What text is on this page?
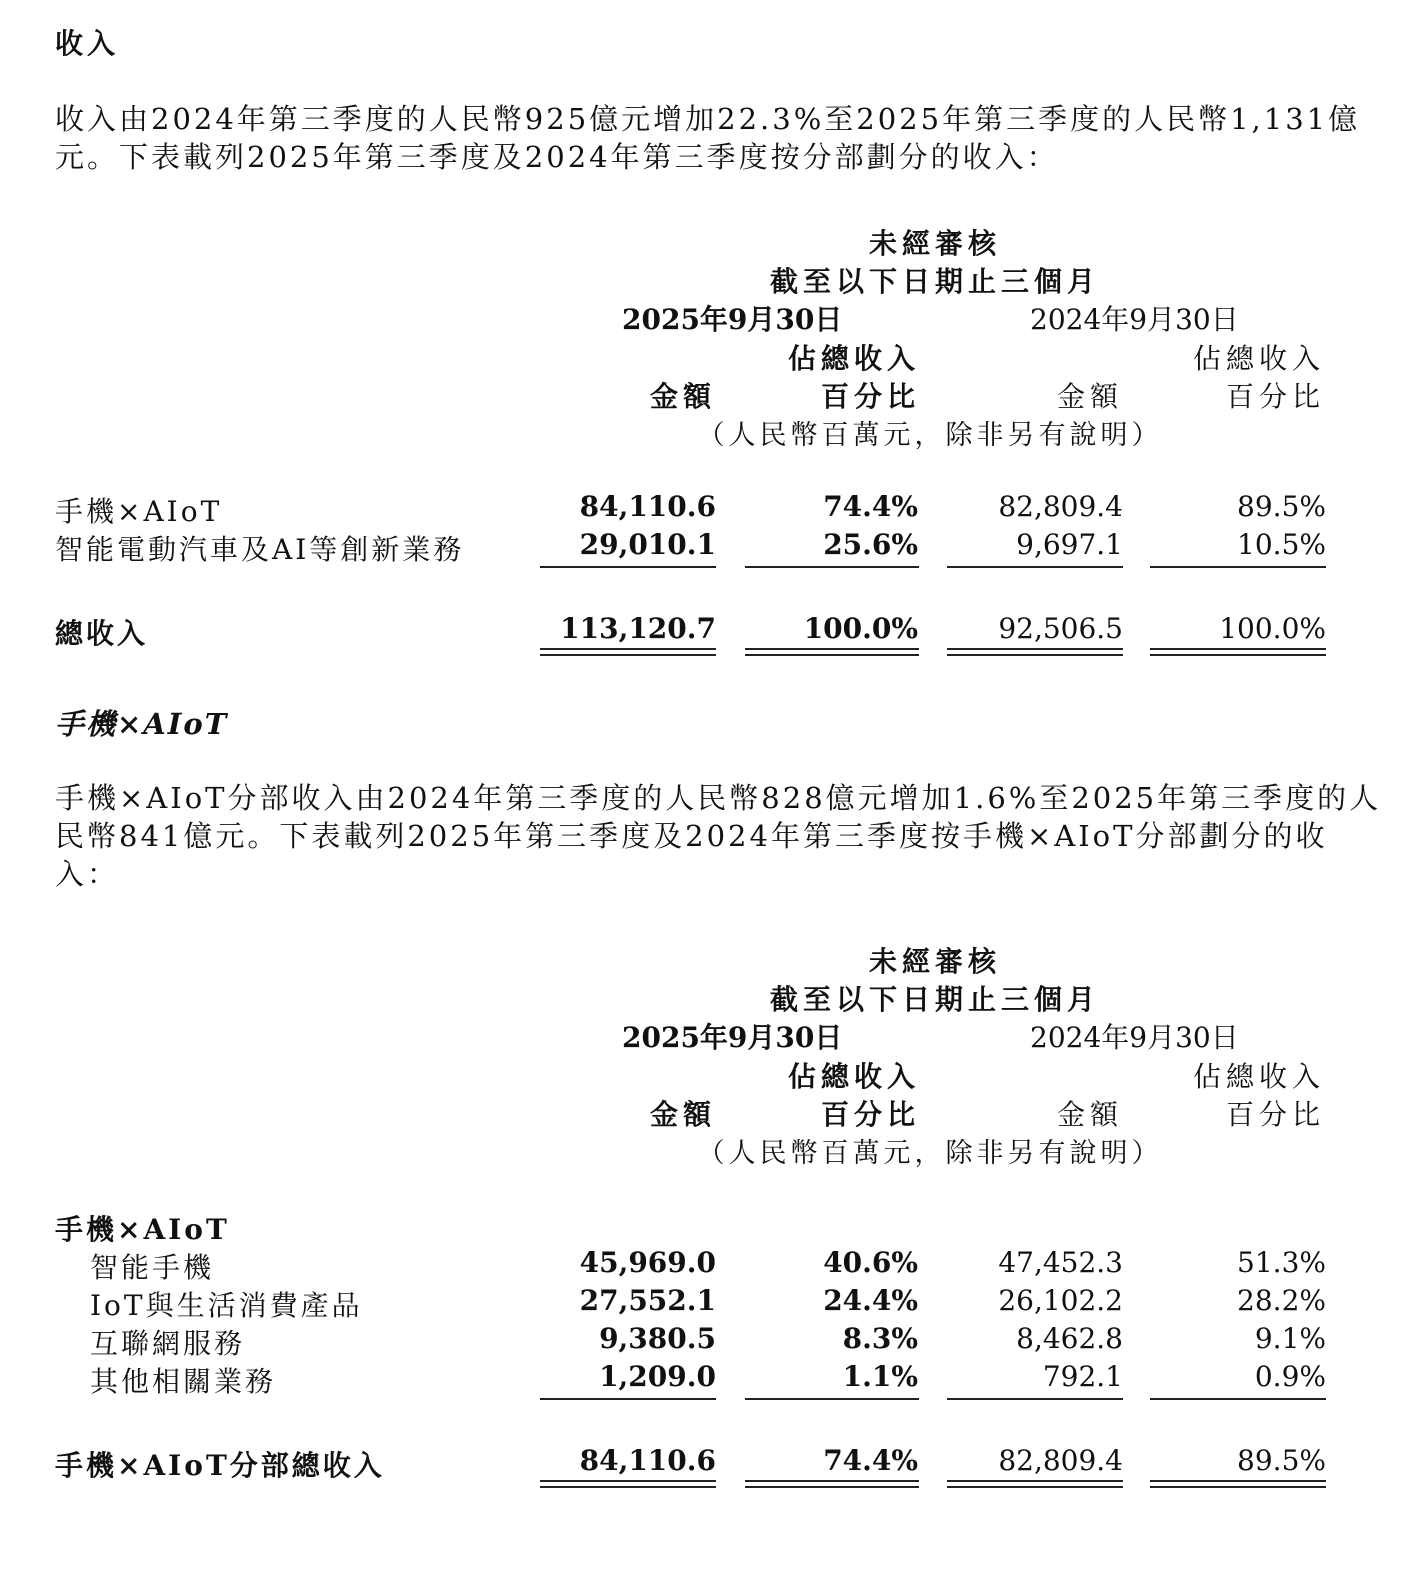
收入
收入由2024年第三季度的人民幣925億元增加22.3%至2025年第三季度的人民幣1,131億
元。下表載列2025年第三季度及2024年第三季度按分部劃分的收入：
未經審核
截至以下日期止三個月
2025年9月30日	2024年9月30日
佔總收入	佔總收入
金額	百分比	金額	百分比
（人民幣百萬元，除非另有說明）
手機×AIoT	84,110.6	74.4%	82,809.4	89.5%
智能電動汽車及AI等創新業務	29,010.1	25.6%	9,697.1	10.5%
總收入	113,120.7	100.0%	92,506.5	100.0%
手機×AIoT
手機×AIoT分部收入由2024年第三季度的人民幣828億元增加1.6%至2025年第三季度的人
民幣841億元。下表載列2025年第三季度及2024年第三季度按手機×AIoT分部劃分的收
入：
未經審核
截至以下日期止三個月
2025年9月30日	2024年9月30日
佔總收入	佔總收入
金額	百分比	金額	百分比
（人民幣百萬元，除非另有說明）
手機×AIoT
智能手機	45,969.0	40.6%	47,452.3	51.3%
IoT與生活消費產品	27,552.1	24.4%	26,102.2	28.2%
互聯網服務	9,380.5	8.3%	8,462.8	9.1%
其他相關業務	1,209.0	1.1%	792.1	0.9%
手機×AIoT分部總收入	84,110.6	74.4%	82,809.4	89.5%
